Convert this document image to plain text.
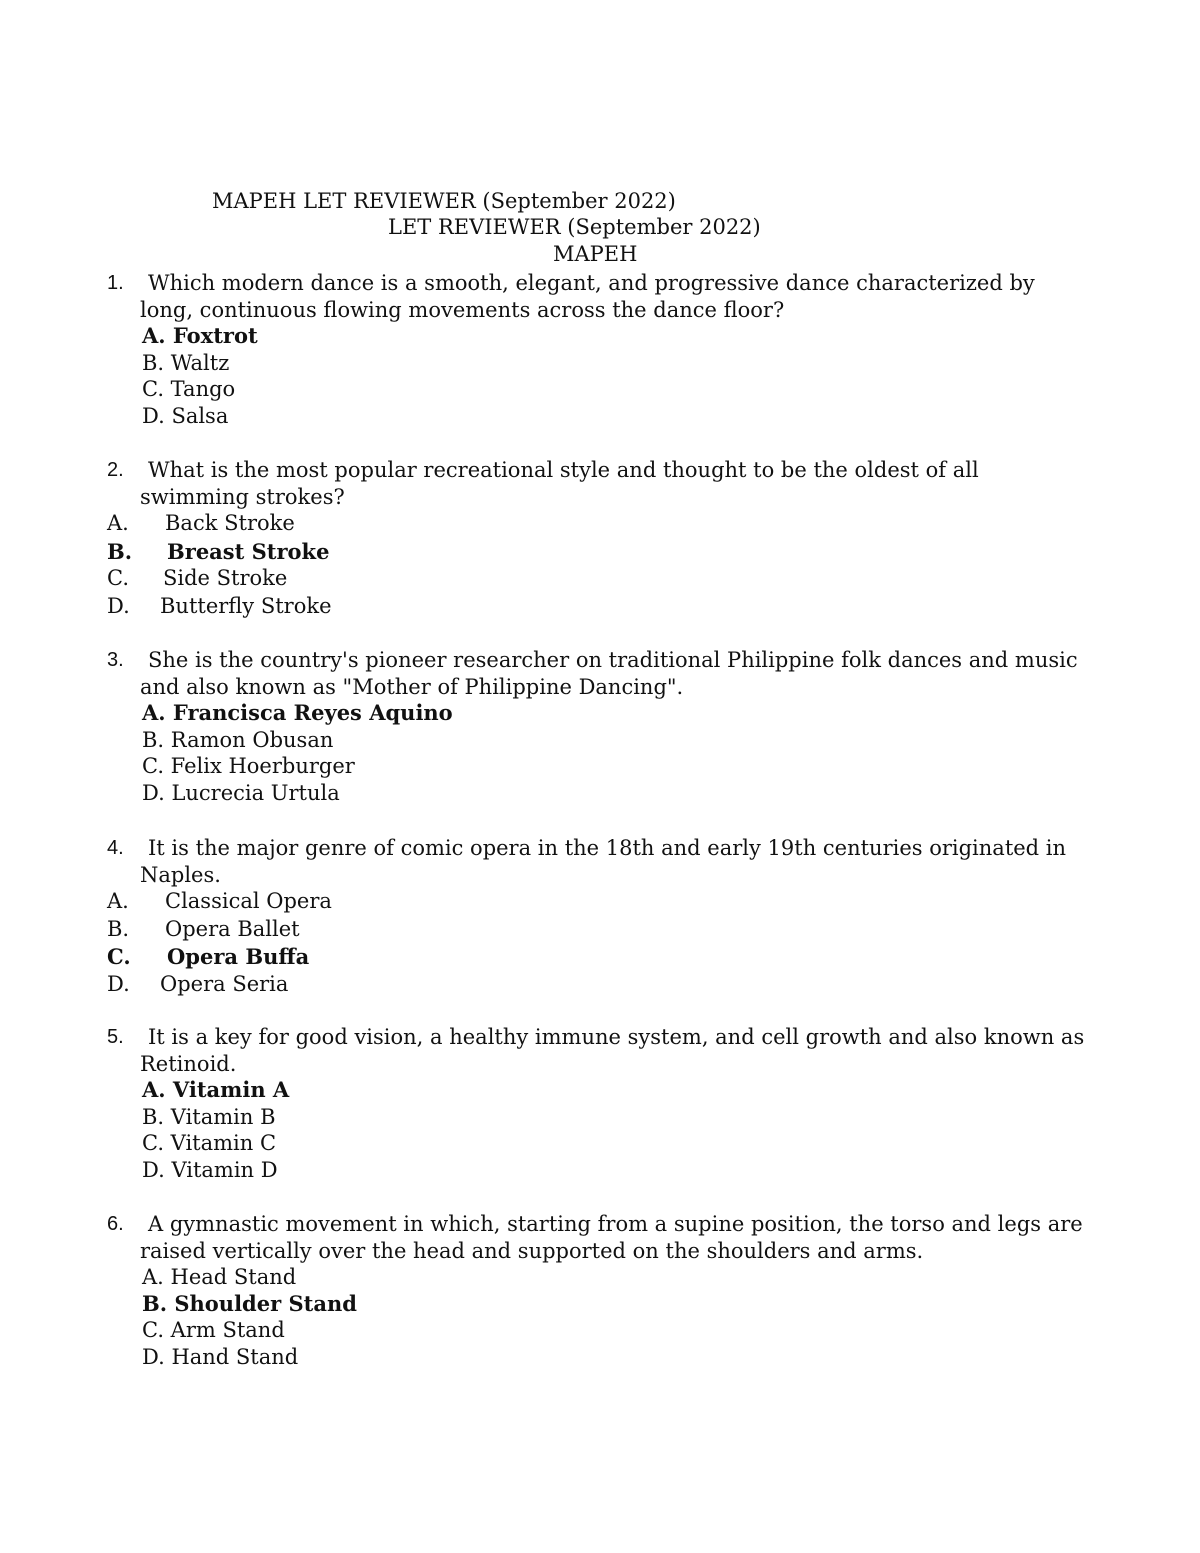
MAPEH LET REVIEWER (September 2022)
LET REVIEWER (September 2022)
MAPEH
1. Which modern dance is a smooth, elegant, and progressive dance characterized by
long, continuous flowing movements across the dance floor?
A. Foxtrot
B. Waltz
C. Tango
D. Salsa
2. What is the most popular recreational style and thought to be the oldest of all
swimming strokes?
A. Back Stroke
B. Breast Stroke
C. Side Stroke
D. Butterfly Stroke
3. She is the country's pioneer researcher on traditional Philippine folk dances and music
and also known as "Mother of Philippine Dancing".
A. Francisca Reyes Aquino
B. Ramon Obusan
C. Felix Hoerburger
D. Lucrecia Urtula
4. It is the major genre of comic opera in the 18th and early 19th centuries originated in
Naples.
A. Classical Opera
B. Opera Ballet
C. Opera Buffa
D. Opera Seria
5. It is a key for good vision, a healthy immune system, and cell growth and also known as
Retinoid.
A. Vitamin A
B. Vitamin B
C. Vitamin C
D. Vitamin D
6. A gymnastic movement in which, starting from a supine position, the torso and legs are
raised vertically over the head and supported on the shoulders and arms.
A. Head Stand
B. Shoulder Stand
C. Arm Stand
D. Hand Stand
